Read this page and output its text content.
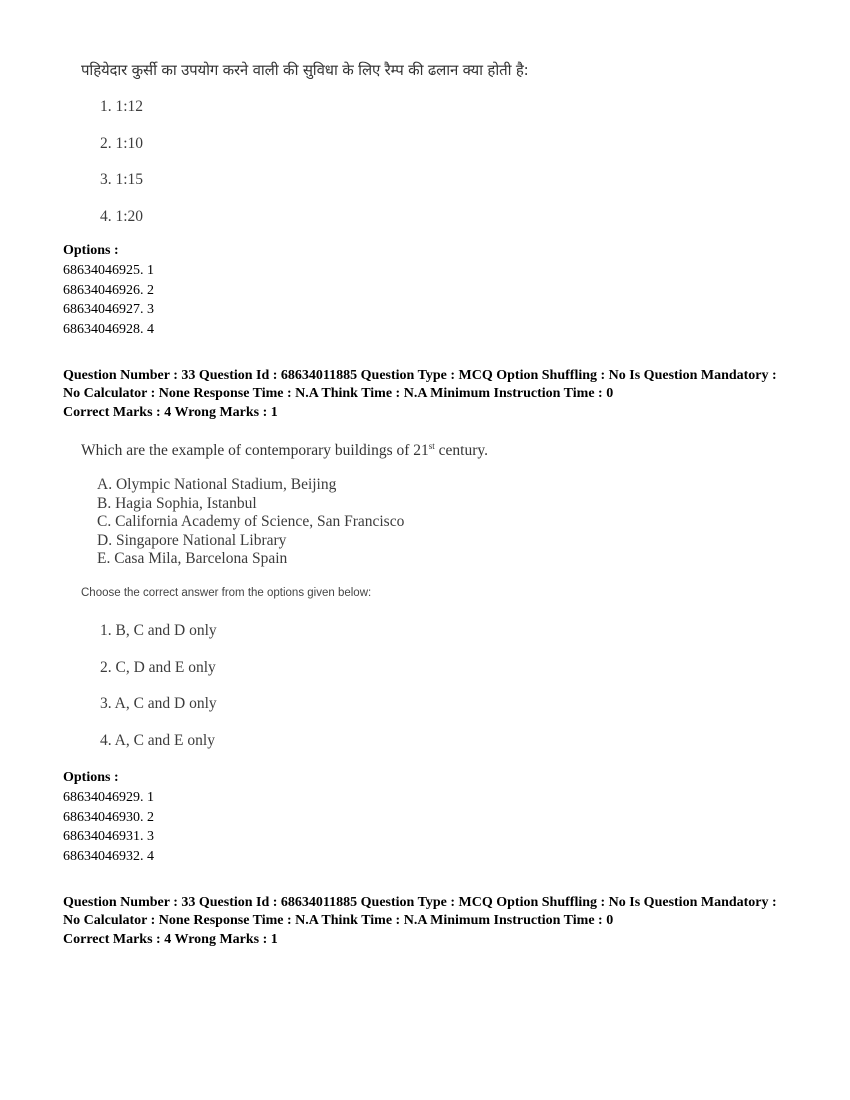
पहियेदार कुर्सी का उपयोग करने वाली की सुविधा के लिए रैम्प की ढलान क्या होती है:
1. 1:12
2. 1:10
3. 1:15
4. 1:20
Options :
68634046925. 1
68634046926. 2
68634046927. 3
68634046928. 4
Question Number : 33 Question Id : 68634011885 Question Type : MCQ Option Shuffling : No Is Question Mandatory :
No Calculator : None Response Time : N.A Think Time : N.A Minimum Instruction Time : 0
Correct Marks : 4 Wrong Marks : 1
Which are the example of contemporary buildings of 21st century.
A. Olympic National Stadium, Beijing
B. Hagia Sophia, Istanbul
C. California Academy of Science, San Francisco
D. Singapore National Library
E. Casa Mila, Barcelona Spain
Choose the correct answer from the options given below:
1. B, C and D only
2. C, D and E only
3. A, C and D only
4. A, C and E only
Options :
68634046929. 1
68634046930. 2
68634046931. 3
68634046932. 4
Question Number : 33 Question Id : 68634011885 Question Type : MCQ Option Shuffling : No Is Question Mandatory :
No Calculator : None Response Time : N.A Think Time : N.A Minimum Instruction Time : 0
Correct Marks : 4 Wrong Marks : 1
